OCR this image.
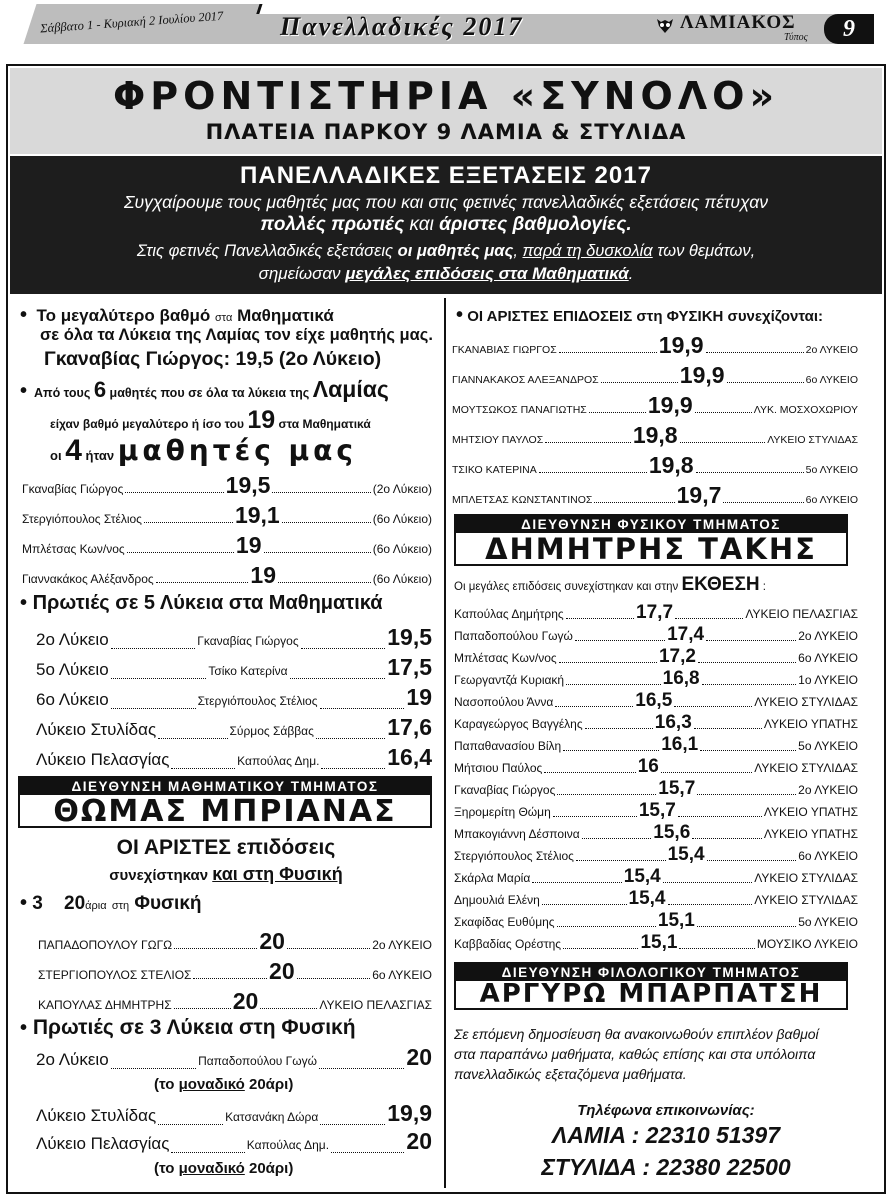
Σάββατο 1 - Κυριακή 2 Ιουλίου 2017	Πανελλαδικές 2017	ΛΑΜΙΑΚΟΣ
Τύπος	9
ΦΡΟΝΤΙΣΤΗΡΙΑ «ΣΥΝΟΛΟ»
ΠΛΑΤΕΙΑ ΠΑΡΚΟΥ 9 ΛΑΜΙΑ & ΣΤΥΛΙΔΑ
ΠΑΝΕΛΛΑΔΙΚΕΣ ΕΞΕΤΑΣΕΙΣ 2017
Συγχαίρουμε τους μαθητές μας που και στις φετινές πανελλαδικές εξετάσεις πέτυχαν
πολλές πρωτιές και άριστες βαθμολογίες.
Στις φετινές Πανελλαδικές εξετάσεις οι μαθητές μας, παρά τη δυσκολία των θεμάτων,
σημείωσαν μεγάλες επιδόσεις στα Μαθηματικά.
• Το μεγαλύτερο βαθμό στα Μαθηματικά
σε όλα τα Λύκεια της Λαμίας τον είχε μαθητής μας.
Γκαναβίας Γιώργος: 19,5 (2ο Λύκειο)
• Από τους 6 μαθητές που σε όλα τα λύκεια της Λαμίας
είχαν βαθμό μεγαλύτερο ή ίσο του 19 στα Μαθηματικά
οι 4 ήταν μαθητές μας
Γκαναβίας Γιώργος	19,5	(2ο Λύκειο)
Στεργιόπουλος Στέλιος	19,1	(6ο Λύκειο)
Μπλέτσας Κων/νος	19	(6ο Λύκειο)
Γιαννακάκος Αλέξανδρος	19	(6ο Λύκειο)
• Πρωτιές σε 5 Λύκεια στα Μαθηματικά
2ο Λύκειο	Γκαναβίας Γιώργος	19,5
5ο Λύκειο	Τσίκο Κατερίνα	17,5
6ο Λύκειο	Στεργιόπουλος Στέλιος	19
Λύκειο Στυλίδας	Σύρμος Σάββας	17,6
Λύκειο Πελασγίας	Καπούλας Δημ.	16,4
ΔΙΕΥΘΥΝΣΗ ΜΑΘΗΜΑΤΙΚΟΥ ΤΜΗΜΑΤΟΣ
ΘΩΜΑΣ ΜΠΡΙΑΝΑΣ
ΟΙ ΑΡΙΣΤΕΣ επιδόσεις
συνεχίστηκαν και στη Φυσική
• 3 20άρια στη Φυσική
ΠΑΠΑΔΟΠΟΥΛΟΥ ΓΩΓΩ	20	2ο ΛΥΚΕΙΟ
ΣΤΕΡΓΙΟΠΟΥΛΟΣ ΣΤΕΛΙΟΣ	20	6ο ΛΥΚΕΙΟ
ΚΑΠΟΥΛΑΣ ΔΗΜΗΤΡΗΣ	20	ΛΥΚΕΙΟ ΠΕΛΑΣΓΙΑΣ
• Πρωτιές σε 3 Λύκεια στη Φυσική
2ο Λύκειο	Παπαδοπούλου Γωγώ	20
(το μοναδικό 20άρι)
Λύκειο Στυλίδας	Κατσανάκη Δώρα	19,9
Λύκειο Πελασγίας	Καπούλας Δημ.	20
(το μοναδικό 20άρι)
• ΟΙ ΑΡΙΣΤΕΣ ΕΠΙΔΟΣΕΙΣ στη ΦΥΣΙΚΗ συνεχίζονται:
ΓΚΑΝΑΒΙΑΣ ΓΙΩΡΓΟΣ	19,9	2ο ΛΥΚΕΙΟ
ΓΙΑΝΝΑΚΑΚΟΣ ΑΛΕΞΑΝΔΡΟΣ	19,9	6ο ΛΥΚΕΙΟ
ΜΟΥΤΣΩΚΟΣ ΠΑΝΑΓΙΩΤΗΣ	19,9	ΛΥΚ. ΜΟΣΧΟΧΩΡΙΟΥ
ΜΗΤΣΙΟΥ ΠΑΥΛΟΣ	19,8	ΛΥΚΕΙΟ ΣΤΥΛΙΔΑΣ
ΤΣΙΚΟ ΚΑΤΕΡΙΝΑ	19,8	5ο ΛΥΚΕΙΟ
ΜΠΛΕΤΣΑΣ ΚΩΝΣΤΑΝΤΙΝΟΣ	19,7	6ο ΛΥΚΕΙΟ
ΔΙΕΥΘΥΝΣΗ ΦΥΣΙΚΟΥ ΤΜΗΜΑΤΟΣ
ΔΗΜΗΤΡΗΣ ΤΑΚΗΣ
Οι μεγάλες επιδόσεις συνεχίστηκαν και στην ΕΚΘΕΣΗ :
Καπούλας Δημήτρης	17,7	ΛΥΚΕΙΟ ΠΕΛΑΣΓΙΑΣ
Παπαδοπούλου Γωγώ	17,4	2ο ΛΥΚΕΙΟ
Μπλέτσας Κων/νος	17,2	6ο ΛΥΚΕΙΟ
Γεωργαντζά Κυριακή	16,8	1ο ΛΥΚΕΙΟ
Νασοπούλου Άννα	16,5	ΛΥΚΕΙΟ ΣΤΥΛΙΔΑΣ
Καραγεώργος Βαγγέλης	16,3	ΛΥΚΕΙΟ ΥΠΑΤΗΣ
Παπαθανασίου Βίλη	16,1	5ο ΛΥΚΕΙΟ
Μήτσιου Παύλος	16	ΛΥΚΕΙΟ ΣΤΥΛΙΔΑΣ
Γκαναβίας Γιώργος	15,7	2ο ΛΥΚΕΙΟ
Ξηρομερίτη Θώμη	15,7	ΛΥΚΕΙΟ ΥΠΑΤΗΣ
Μπακογιάννη Δέσποινα	15,6	ΛΥΚΕΙΟ ΥΠΑΤΗΣ
Στεργιόπουλος Στέλιος	15,4	6ο ΛΥΚΕΙΟ
Σκάρλα Μαρία	15,4	ΛΥΚΕΙΟ ΣΤΥΛΙΔΑΣ
Δημουλιά Ελένη	15,4	ΛΥΚΕΙΟ ΣΤΥΛΙΔΑΣ
Σκαφίδας Ευθύμης	15,1	5ο ΛΥΚΕΙΟ
Καββαδίας Ορέστης	15,1	ΜΟΥΣΙΚΟ ΛΥΚΕΙΟ
ΔΙΕΥΘΥΝΣΗ ΦΙΛΟΛΟΓΙΚΟΥ ΤΜΗΜΑΤΟΣ
ΑΡΓΥΡΩ ΜΠΑΡΠΑΤΣΗ
Σε επόμενη δημοσίευση θα ανακοινωθούν επιπλέον βαθμοί
στα παραπάνω μαθήματα, καθώς επίσης και στα υπόλοιπα
πανελλαδικώς εξεταζόμενα μαθήματα.
Τηλέφωνα επικοινωνίας:
ΛΑΜΙΑ : 22310 51397
ΣΤΥΛΙΔΑ : 22380 22500
